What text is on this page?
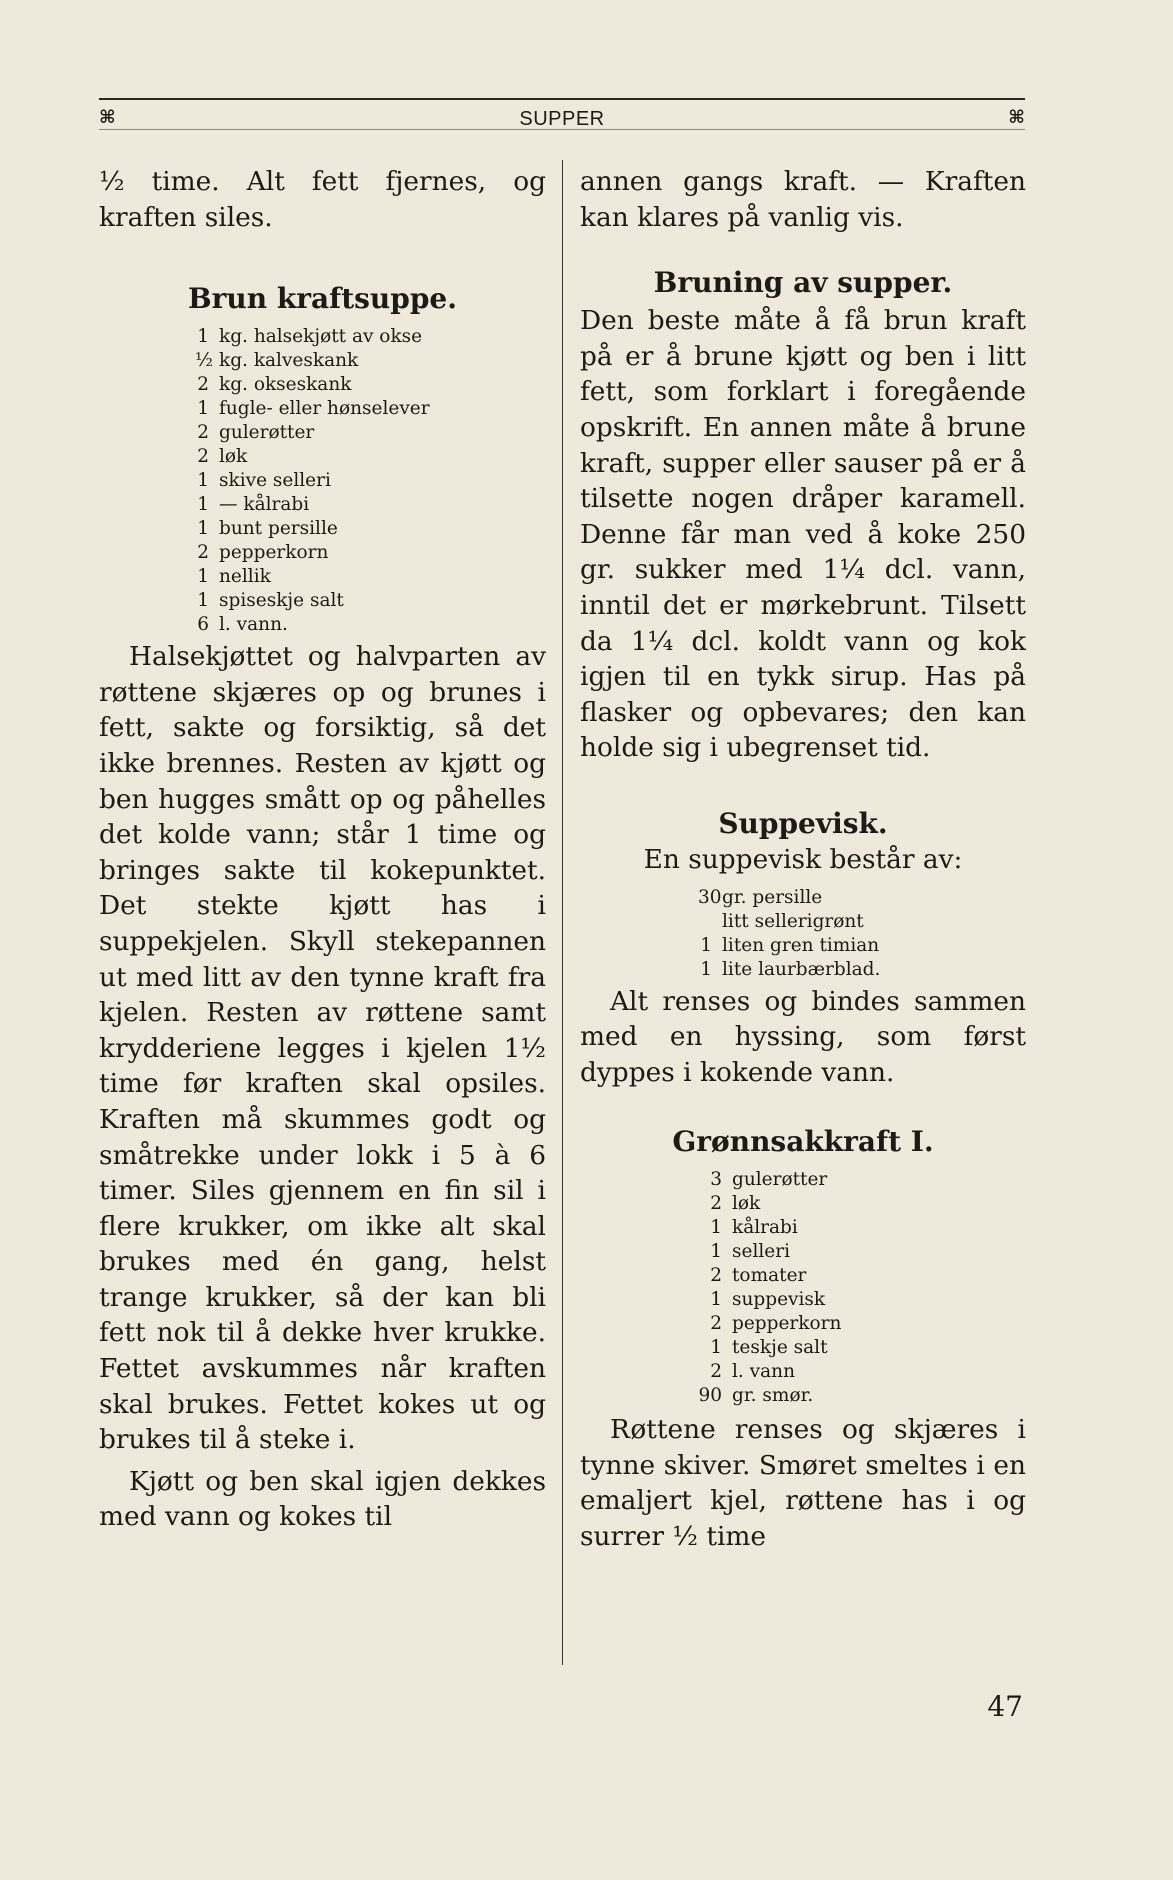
⌘	SUPPER	⌘

½ time. Alt fett fjernes, og kraften siles.

Brun kraftsuppe.
1 kg. halsekjøtt av okse
½ kg. kalveskank
2 kg. okseskank
1 fugle- eller hønselever
2 gulerøtter
2 løk
1 skive selleri
1 — kålrabi
1 bunt persille
2 pepperkorn
1 nellik
1 spiseskje salt
6 l. vann.

Halsekjøttet og halvparten av røttene skjæres op og brunes i fett, sakte og forsiktig, så det ikke brennes. Resten av kjøtt og ben hugges smått op og påhelles det kolde vann; står 1 time og bringes sakte til kokepunktet. Det stekte kjøtt has i suppekjelen. Skyll stekepannen ut med litt av den tynne kraft fra kjelen. Resten av røttene samt krydderiene legges i kjelen 1½ time før kraften skal opsiles. Kraften må skummes godt og småtrekke under lokk i 5 à 6 timer. Siles gjennem en fin sil i flere krukker, om ikke alt skal brukes med én gang, helst trange krukker, så der kan bli fett nok til å dekke hver krukke. Fettet avskummes når kraften skal brukes. Fettet kokes ut og brukes til å steke i.

Kjøtt og ben skal igjen dekkes med vann og kokes til

annen gangs kraft. — Kraften kan klares på vanlig vis.

Bruning av supper.

Den beste måte å få brun kraft på er å brune kjøtt og ben i litt fett, som forklart i foregående opskrift. En annen måte å brune kraft, supper eller sauser på er å tilsette nogen dråper karamell. Denne får man ved å koke 250 gr. sukker med 1¼ dcl. vann, inntil det er mørkebrunt. Tilsett da 1¼ dcl. koldt vann og kok igjen til en tykk sirup. Has på flasker og opbevares; den kan holde sig i ubegrenset tid.

Suppevisk.

En suppevisk består av:

30 gr. persille
litt sellerigrønt
1 liten gren timian
1 lite laurbærblad.

Alt renses og bindes sammen med en hyssing, som først dyppes i kokende vann.

Grønnsakkraft I.
3 gulerøtter
2 løk
1 kålrabi
1 selleri
2 tomater
1 suppevisk
2 pepperkorn
1 teskje salt
2 l. vann
90 gr. smør.

Røttene renses og skjæres i tynne skiver. Smøret smeltes i en emaljert kjel, røttene has i og surrer ½ time

47
